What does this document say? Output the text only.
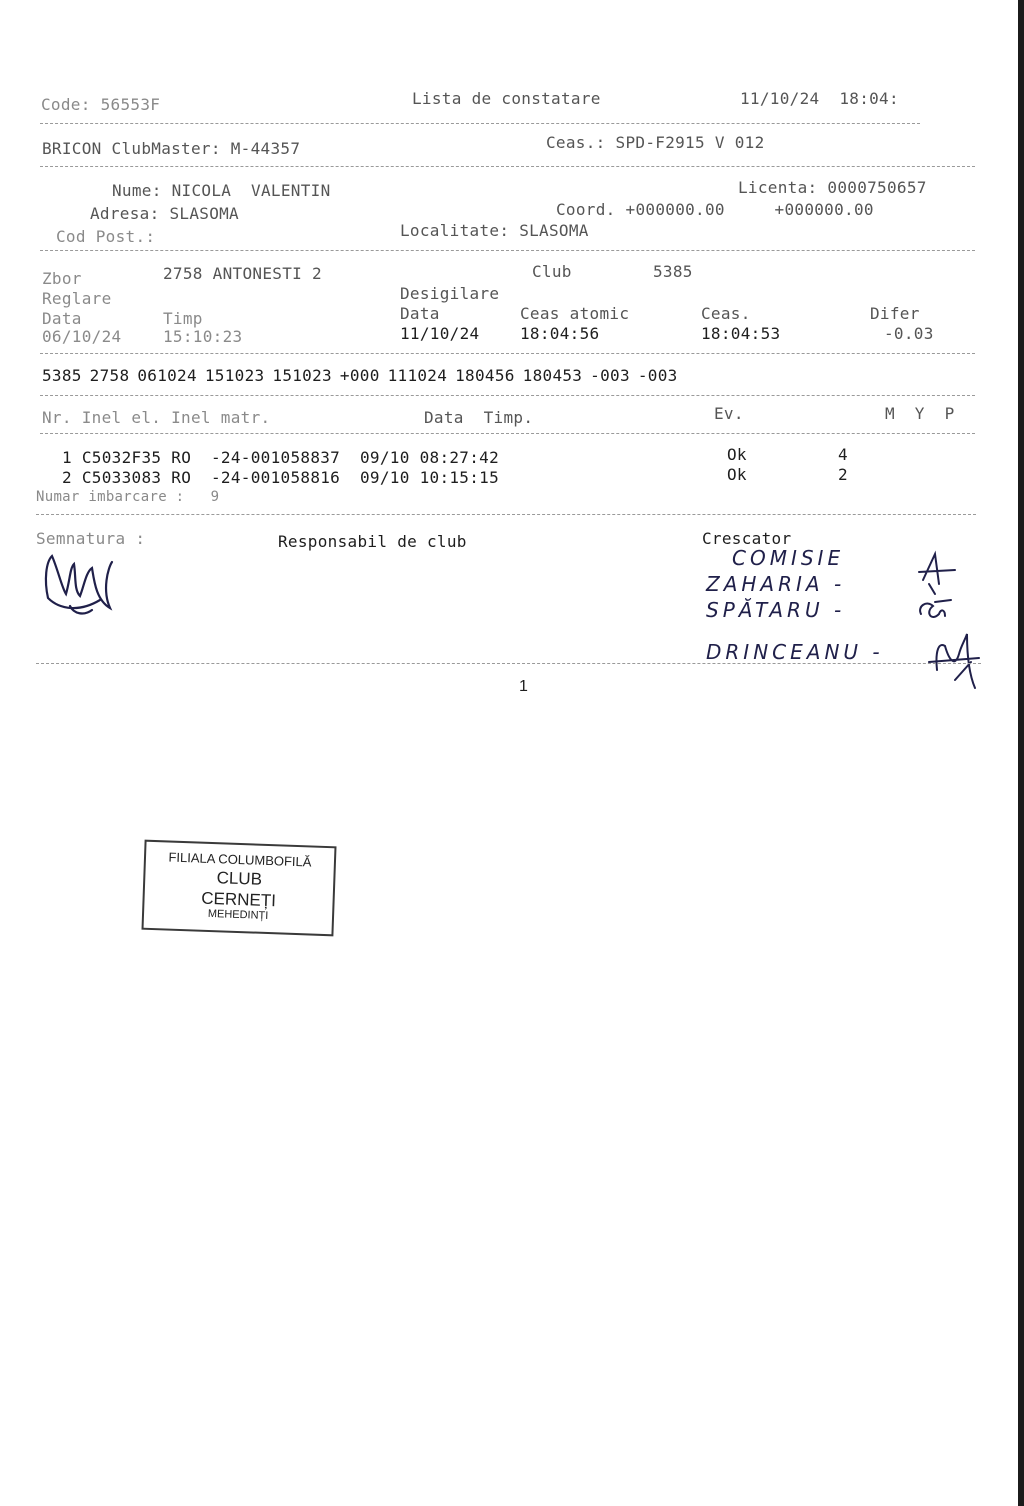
Code: 56553F	Lista de constatare	11/10/24  18:04:
BRICON ClubMaster: M-44357	Ceas.: SPD-F2915 V 012
Nume: NICOLA  VALENTIN
Adresa: SLASOMA
Cod Post.:
Licenta: 0000750657
Coord. +000000.00     +000000.00
Localitate: SLASOMA
Zbor	2758 ANTONESTI 2	Club	5385
Reglare	Desigilare
Data	Timp	Data	Ceas atomic	Ceas.	Difer
06/10/24	15:10:23	11/10/24	18:04:56	18:04:53	-0.03
5385 2758 061024 151023 151023 +000 111024 180456 180453 -003 -003
Nr. Inel el. Inel matr.	Data  Timp.	Ev.	M  Y  P
1 C5032F35 RO  -24-001058837  09/10 08:27:42	Ok	4
2 C5033083 RO  -24-001058816  09/10 10:15:15	Ok	2
Numar imbarcare :   9
Semnatura :	Responsabil de club	Crescator
COMISIE
ZAHARIA -
SPĂTARU -
DRINCEANU -
1
FILIALA COLUMBOFILĂ
CLUB
CERNEȚI
MEHEDINȚI
